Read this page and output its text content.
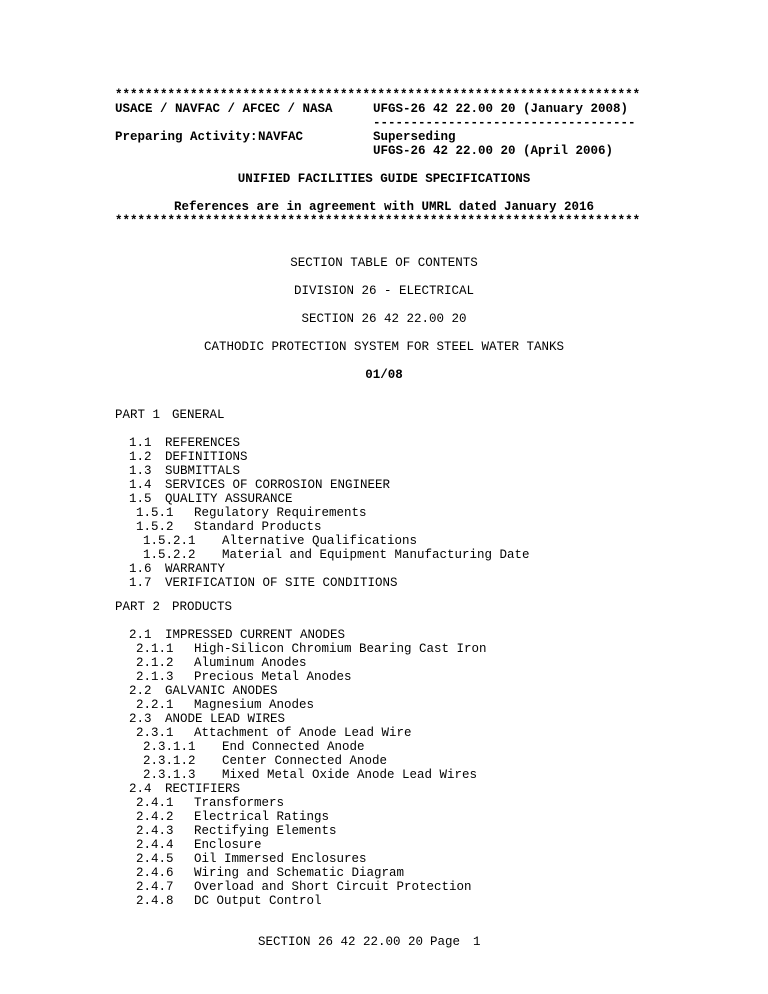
**********************************************************************
USACE / NAVFAC / AFCEC / NASA	UFGS-26 42 22.00 20 (January 2008)
-----------------------------------
Preparing Activity: NAVFAC	Superseding
UFGS-26 42 22.00 20 (April 2006)
UNIFIED FACILITIES GUIDE SPECIFICATIONS
References are in agreement with UMRL dated January 2016
**********************************************************************
SECTION TABLE OF CONTENTS
DIVISION 26 - ELECTRICAL
SECTION 26 42 22.00 20
CATHODIC PROTECTION SYSTEM FOR STEEL WATER TANKS
01/08
PART 1 GENERAL
1.1 REFERENCES
1.2 DEFINITIONS
1.3 SUBMITTALS
1.4 SERVICES OF CORROSION ENGINEER
1.5 QUALITY ASSURANCE
1.5.1 Regulatory Requirements
1.5.2 Standard Products
1.5.2.1 Alternative Qualifications
1.5.2.2 Material and Equipment Manufacturing Date
1.6 WARRANTY
1.7 VERIFICATION OF SITE CONDITIONS
PART 2 PRODUCTS
2.1 IMPRESSED CURRENT ANODES
2.1.1 High-Silicon Chromium Bearing Cast Iron
2.1.2 Aluminum Anodes
2.1.3 Precious Metal Anodes
2.2 GALVANIC ANODES
2.2.1 Magnesium Anodes
2.3 ANODE LEAD WIRES
2.3.1 Attachment of Anode Lead Wire
2.3.1.1 End Connected Anode
2.3.1.2 Center Connected Anode
2.3.1.3 Mixed Metal Oxide Anode Lead Wires
2.4 RECTIFIERS
2.4.1 Transformers
2.4.2 Electrical Ratings
2.4.3 Rectifying Elements
2.4.4 Enclosure
2.4.5 Oil Immersed Enclosures
2.4.6 Wiring and Schematic Diagram
2.4.7 Overload and Short Circuit Protection
2.4.8 DC Output Control
SECTION 26 42 22.00 20 Page 1
